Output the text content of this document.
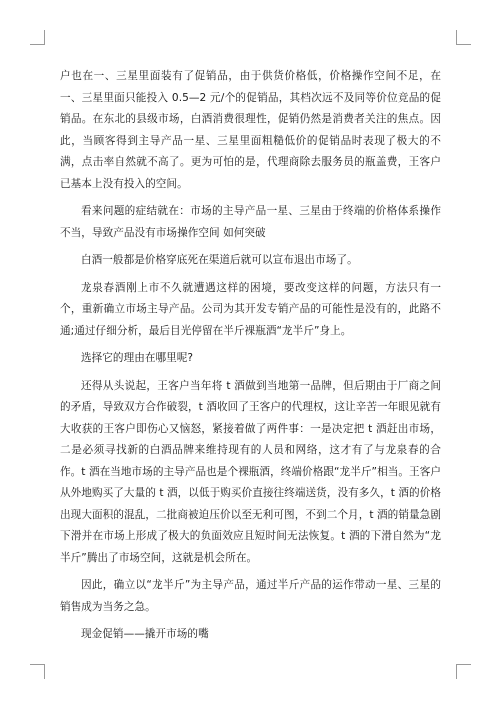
户也在一、三星里面装有了促销品，由于供货价格低，价格操作空间不足，在一、三星里面只能投入 0.5—2 元/个的促销品，其档次远不及同等价位竞品的促销品。在东北的县级市场，白酒消费很理性，促销仍然是消费者关注的焦点。因此，当顾客得到主导产品一星、三星里面粗糙低价的促销品时表现了极大的不满，点击率自然就不高了。更为可怕的是，代理商除去服务员的瓶盖费，王客户已基本上没有投入的空间。

看来问题的症结就在：市场的主导产品一星、三星由于终端的价格体系操作不当，导致产品没有市场操作空间 如何突破

白酒一般都是价格穿底死在渠道后就可以宣布退出市场了。

龙泉春酒刚上市不久就遭遇这样的困境，要改变这样的问题，方法只有一个，重新确立市场主导产品。公司为其开发专销产品的可能性是没有的，此路不通;通过仔细分析，最后目光停留在半斤裸瓶酒“龙半斤”身上。

选择它的理由在哪里呢?

还得从头说起，王客户当年将 t 酒做到当地第一品牌，但后期由于厂商之间的矛盾，导致双方合作破裂，t 酒收回了王客户的代理权，这让辛苦一年眼见就有大收获的王客户即伤心又恼怒，紧接着做了两件事：一是决定把 t 酒赶出市场，二是必须寻找新的白酒品牌来维持现有的人员和网络，这才有了与龙泉春的合作。t 酒在当地市场的主导产品也是个裸瓶酒，终端价格跟“龙半斤”相当。王客户从外地购买了大量的 t 酒，以低于购买价直接往终端送货，没有多久，t 酒的价格出现大面积的混乱，二批商被迫压价以至无利可图，不到二个月，t 酒的销量急剧下滑并在市场上形成了极大的负面效应且短时间无法恢复。t 酒的下滑自然为“龙半斤”腾出了市场空间，这就是机会所在。

因此，确立以“龙半斤”为主导产品，通过半斤产品的运作带动一星、三星的销售成为当务之急。

现金促销——撬开市场的嘴
